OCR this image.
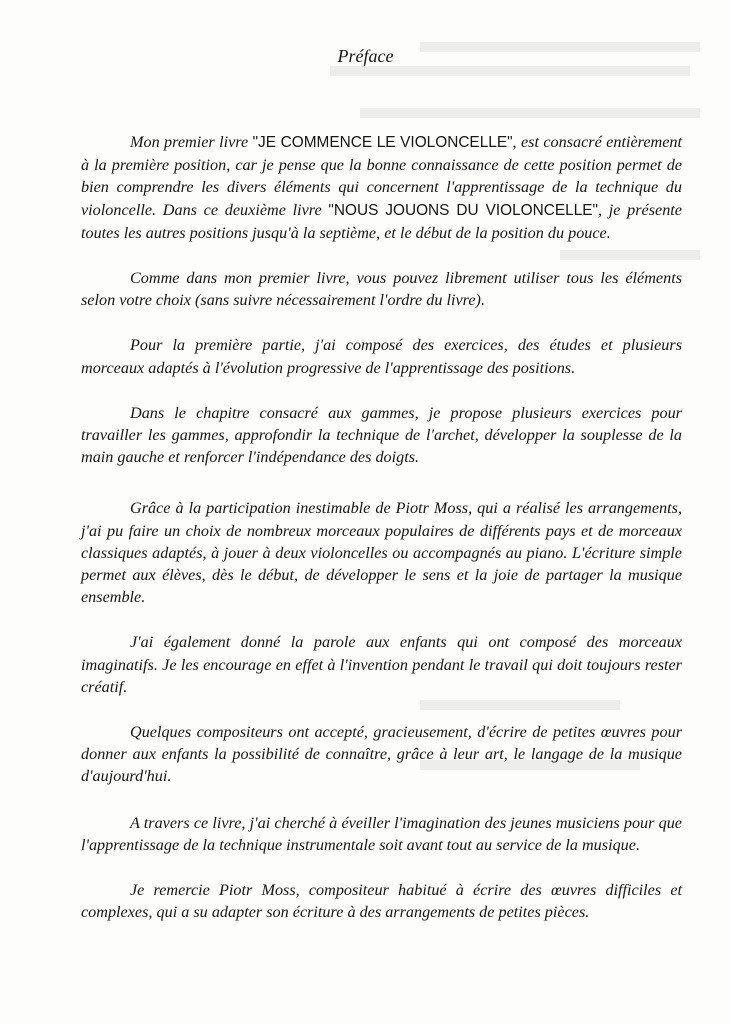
Préface

Mon premier livre "JE COMMENCE LE VIOLONCELLE", est consacré entièrement à la première position, car je pense que la bonne connaissance de cette position permet de bien comprendre les divers éléments qui concernent l'apprentissage de la technique du violoncelle. Dans ce deuxième livre "NOUS JOUONS DU VIOLONCELLE", je présente toutes les autres positions jusqu'à la septième, et le début de la position du pouce.

Comme dans mon premier livre, vous pouvez librement utiliser tous les éléments selon votre choix (sans suivre nécessairement l'ordre du livre).

Pour la première partie, j'ai composé des exercices, des études et plusieurs morceaux adaptés à l'évolution progressive de l'apprentissage des positions.

Dans le chapitre consacré aux gammes, je propose plusieurs exercices pour travailler les gammes, approfondir la technique de l'archet, développer la souplesse de la main gauche et renforcer l'indépendance des doigts.

Grâce à la participation inestimable de Piotr Moss, qui a réalisé les arrangements, j'ai pu faire un choix de nombreux morceaux populaires de différents pays et de morceaux classiques adaptés, à jouer à deux violoncelles ou accompagnés au piano. L'écriture simple permet aux élèves, dès le début, de développer le sens et la joie de partager la musique ensemble.

J'ai également donné la parole aux enfants qui ont composé des morceaux imaginatifs. Je les encourage en effet à l'invention pendant le travail qui doit toujours rester créatif.

Quelques compositeurs ont accepté, gracieusement, d'écrire de petites œuvres pour donner aux enfants la possibilité de connaître, grâce à leur art, le langage de la musique d'aujourd'hui.

A travers ce livre, j'ai cherché à éveiller l'imagination des jeunes musiciens pour que l'apprentissage de la technique instrumentale soit avant tout au service de la musique.

Je remercie Piotr Moss, compositeur habitué à écrire des œuvres difficiles et complexes, qui a su adapter son écriture à des arrangements de petites pièces.
